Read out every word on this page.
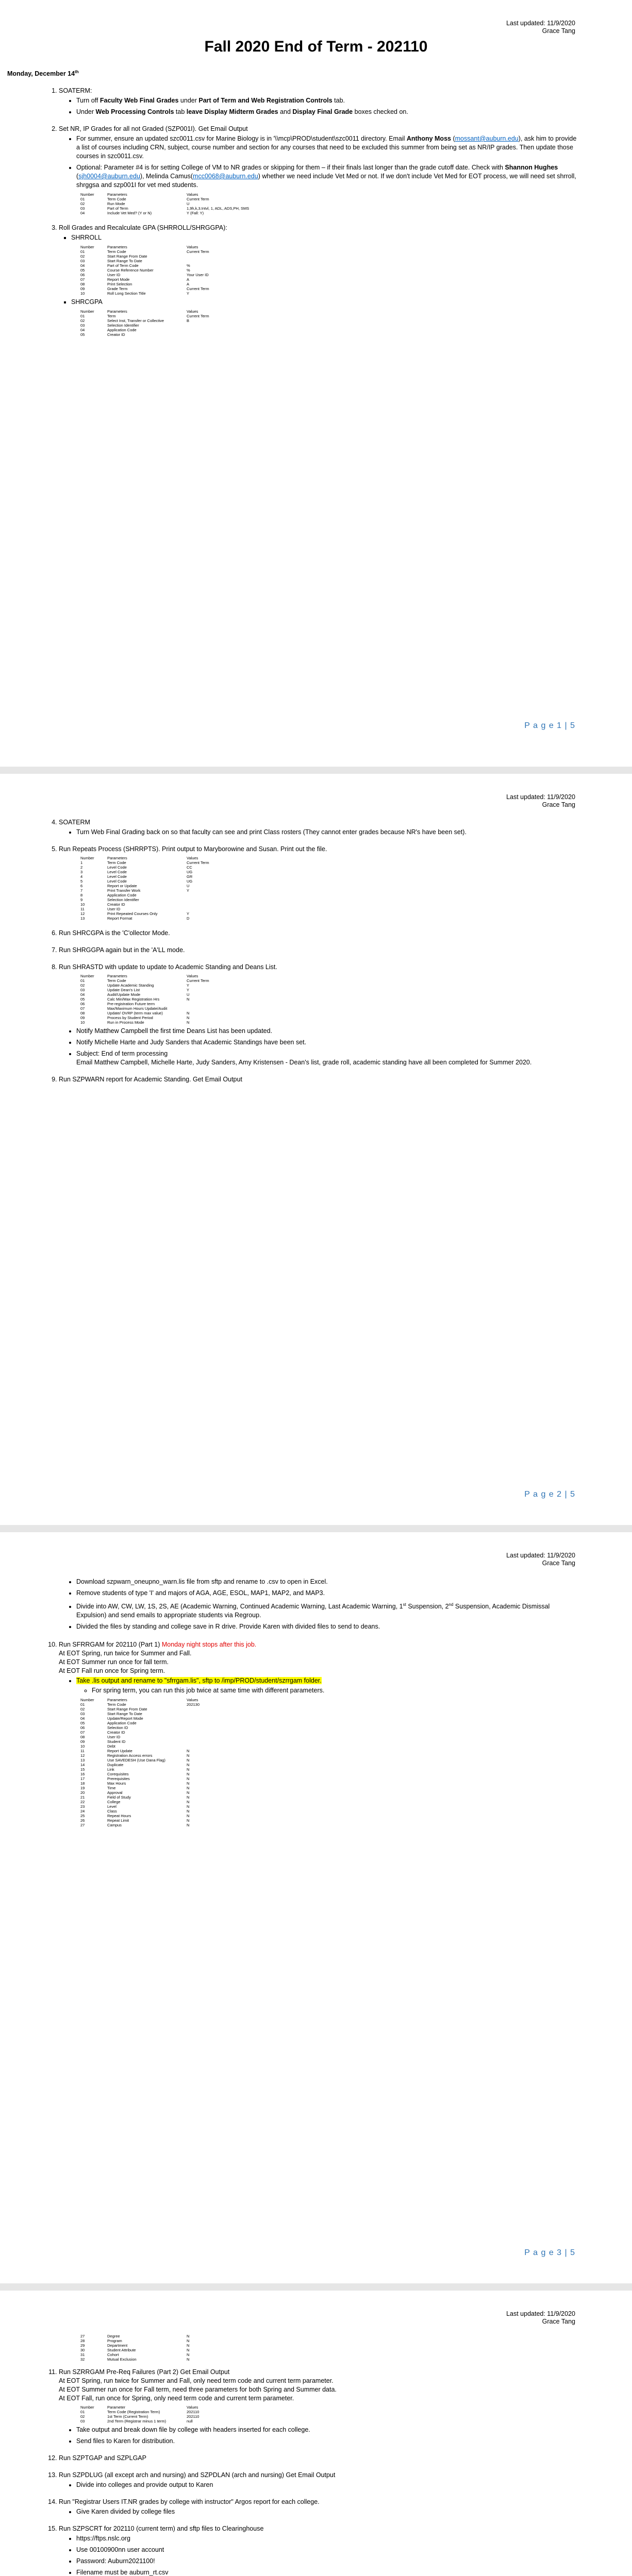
Last updated: 11/9/2020
Grace Tang
Fall 2020 End of Term - 202110
Monday, December 14th
1. SOATERM:
• Turn off Faculty Web Final Grades under Part of Term and Web Registration Controls tab.
• Under Web Processing Controls tab leave Display Midterm Grades and Display Final Grade boxes checked on.
2. Set NR, IP Grades for all not Graded (SZP001I). Get Email Output
• For summer, ensure an updated szc0011.csv for Marine Biology is in '\\mcp\PROD\student\szc0011 directory. Email Anthony Moss (mossant@auburn.edu), ask him to provide a list of courses including CRN, subject, course number and section for any courses that need to be excluded this summer from being set as NR/IP grades. Then update those courses in szc0011.csv.
• Optional: Parameter #4 is for setting College of VM to NR grades or skipping for them – if their finals last longer than the grade cutoff date. Check with Shannon Hughes (sjh0004@auburn.edu), Melinda Camus(mcc0068@auburn.edu) whether we need include Vet Med or not. If we don't include Vet Med for EOT process, we will need set shrroll, shrggsa and szp001I for vet med students.
Number	Parameters	Values
01	Term Code	Current Term
02	Run Mode	U
03	Part of Term	1,9h,k,3.Intvl, 1, ADL, ADS,PH, SMS
04	Include Vet Med? (Y or N)	Y (Fall: Y)
3. Roll Grades and Recalculate GPA (SHRROLL/SHRGGPA):
▪ SHRROLL
Number	Parameters	Values
01	Term Code	Current Term
02	Start Range From Date	
03	Start Range To Date	
04	Part of Term Code	%
05	Course Reference Number	%
06	User ID	Your User ID
07	Report Mode	A
08	Print Selection	A
09	Grade Term	Current Term
10	Roll Long Section Title	Y
▪ SHRCGPA
Number	Parameters	Values
01	Term	Current Term
02	Select Inst, Transfer or Collective	B
03	Selection Identifier	
04	Application Code	
05	Creator ID	
P a g e 1 | 5
Last updated: 11/9/2020
Grace Tang
4. SOATERM
• Turn Web Final Grading back on so that faculty can see and print Class rosters (They cannot enter grades because NR's have been set).
5. Run Repeats Process (SHRRPTS). Print output to Maryborowine and Susan. Print out the file.
Number	Parameters	Values
1	Term Code	Current Term
2	Level Code	CC
3	Level Code	UG
4	Level Code	GR
5	Level Code	UG
6	Report or Update	U
7	Print Transfer Work	Y
8	Application Code	
9	Selection Identifier	
10	Creator ID	
11	User ID	
12	Print Repeated Courses Only	Y
13	Report Format	D
6. Run SHRCGPA is the 'C'ollector Mode.
7. Run SHRGGPA again but in the 'A'LL mode.
8. Run SHRASTD with update to update to Academic Standing and Deans List.
Number	Parameters	Values
01	Term Code	Current Term
02	Update Academic Standing	Y
03	Update Dean's List	Y
04	Audit/Update Mode	U
05	Calc Min/Max Registration Hrs	N
06	Pre-registration Future term	
07	Max/Maximum Hours Update/Audit	
08	Update/ OVRP (term max value)	N
09	Process by Student Period	N
10	Run in Process Mode	N
• Notify Matthew Campbell the first time Deans List has been updated.
• Notify Michelle Harte and Judy Sanders that Academic Standings have been set.
• Subject: End of term processing
Email Matthew Campbell, Michelle Harte, Judy Sanders, Amy Kristensen - Dean's list, grade roll, academic standing have all been completed for Summer 2020.
9. Run SZPWARN report for Academic Standing. Get Email Output
P a g e 2 | 5
Last updated: 11/9/2020
Grace Tang
• Download szpwarn_oneupno_warn.lis file from sftp and rename to .csv to open in Excel.
• Remove students of type 'I' and majors of AGA, AGE, ESOL, MAP1, MAP2, and MAP3.
• Divide into AW, CW, LW, 1S, 2S, AE (Academic Warning, Continued Academic Warning, Last Academic Warning, 1st Suspension, 2nd Suspension, Academic Dismissal Expulsion) and send emails to appropriate students via Regroup.
• Divided the files by standing and college save in R drive. Provide Karen with divided files to send to deans.
10. Run SFRRGAM for 202110 (Part 1) Monday night stops after this job.
At EOT Spring, run twice for Summer and Fall.
At EOT Summer run once for fall term.
At EOT Fall run once for Spring term.
• Take .lis output and rename to "sfrrgam.lis", sftp to /imp/PROD/student/szrrgam folder.
◦ For spring term, you can run this job twice at same time with different parameters.
Number	Parameters	Values
01	Term Code	202130
02	Start Range From Date	
03	Start Range To Date	
04	Update/Report Mode	
05	Application Code	
06	Selection ID	
07	Creator ID	
08	User ID	
09	Student ID	
10	Debt	
11	Report Update	N
12	Registration Access errors	N
13	Use SAVEDESH (Use Dana Flag)	N
14	Duplicate	N
15	Link	N
16	Corequisites	N
17	Prerequisites	N
18	Max Hours	N
19	Time	N
20	Approval	N
21	Field of Study	N
22	College	N
23	Level	N
24	Class	N
25	Repeat Hours	N
26	Repeat Limit	N
27	Campus	N
P a g e 3 | 5
Last updated: 11/9/2020
Grace Tang
27	Degree	N
28	Program	N
29	Department	N
30	Student Attribute	N
31	Cohort	N
32	Mutual Exclusion	N
11. Run SZRRGAM Pre-Req Failures (Part 2) Get Email Output
At EOT Spring, run twice for Summer and Fall, only need term code and current term parameter.
At EOT Summer run once for Fall term, need three parameters for both Spring and Summer data.
At EOT Fall, run once for Spring, only need term code and current term parameter.
Number	Parameter	Values
01	Term Code (Registration Term)	202110
02	1st Term (Current Term)	202110
03	2nd Term (Registrar minus 1 term)	null
• Take output and break down file by college with headers inserted for each college.
• Send files to Karen for distribution.
12. Run SZPTGAP and SZPLGAP
13. Run SZPDLUG (all except arch and nursing) and SZPDLAN (arch and nursing) Get Email Output
• Divide into colleges and provide output to Karen
14. Run "Registrar Users IT.NR grades by college with instructor" Argos report for each college.
• Give Karen divided by college files
15. Run SZPSCRT for 202110 (current term) and sftp files to Clearinghouse
• https://ftps.nslc.org
• Use 00100900nn user account
• Password: Auburn2021100!
• Filename must be auburn_rt.csv
